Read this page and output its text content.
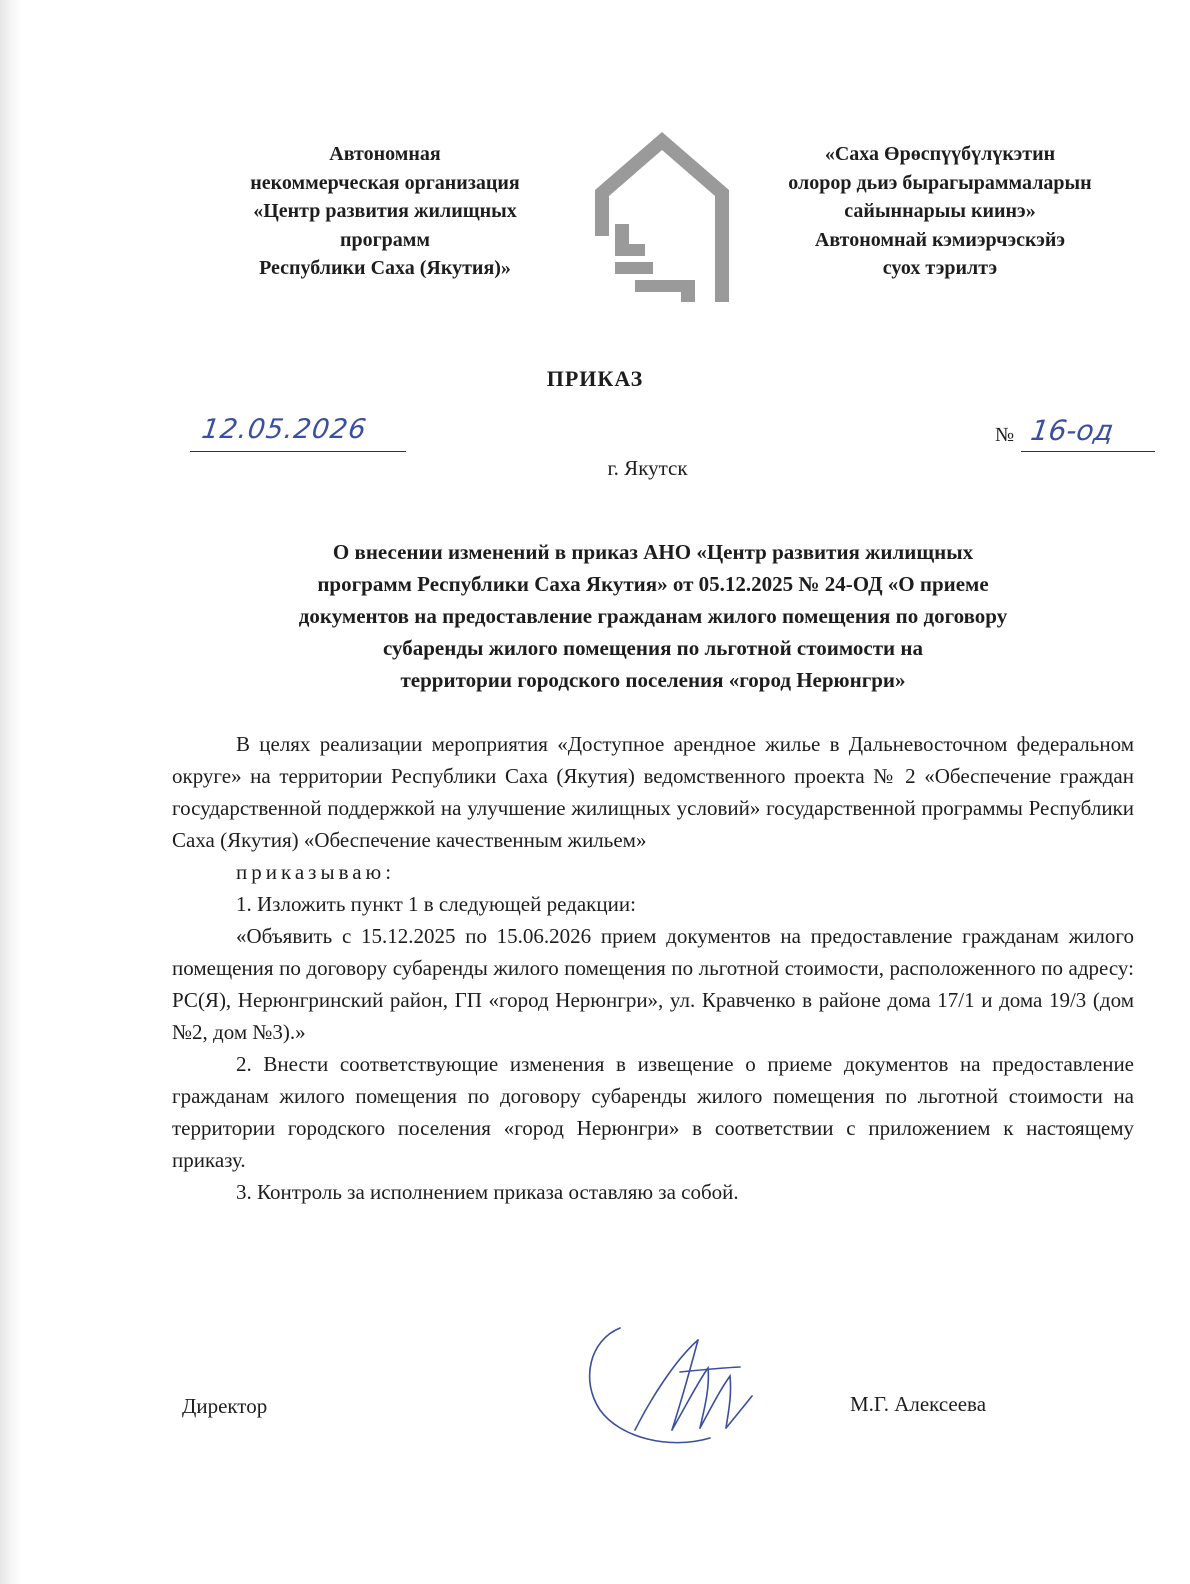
Автономная
некоммерческая организация
«Центр развития жилищных
программ
Республики Саха (Якутия)»
«Саха Өрөспүүбүлүкэтин
олорор дьиэ бырагыраммаларын
сайыннарыы киинэ»
Автономнай кэмиэрчэскэйэ
суох тэрилтэ
ПРИКАЗ
12.05.2026	№ 16-од
г. Якутск
О внесении изменений в приказ АНО «Центр развития жилищных
программ Республики Саха Якутия» от 05.12.2025 № 24-ОД «О приеме
документов на предоставление гражданам жилого помещения по договору
субаренды жилого помещения по льготной стоимости на
территории городского поселения «город Нерюнгри»

В целях реализации мероприятия «Доступное арендное жилье в Дальневосточном федеральном округе» на территории Республики Саха (Якутия) ведомственного проекта № 2 «Обеспечение граждан государственной поддержкой на улучшение жилищных условий» государственной программы Республики Саха (Якутия) «Обеспечение качественным жильем»

приказываю:

1. Изложить пункт 1 в следующей редакции:

«Объявить с 15.12.2025 по 15.06.2026 прием документов на предоставление гражданам жилого помещения по договору субаренды жилого помещения по льготной стоимости, расположенного по адресу: РС(Я), Нерюнгринский район, ГП «город Нерюнгри», ул. Кравченко в районе дома 17/1 и дома 19/3 (дом №2, дом №3).»

2. Внести соответствующие изменения в извещение о приеме документов на предоставление гражданам жилого помещения по договору субаренды жилого помещения по льготной стоимости на территории городского поселения «город Нерюнгри» в соответствии с приложением к настоящему приказу.

3. Контроль за исполнением приказа оставляю за собой.

Директор	М.Г. Алексеева
